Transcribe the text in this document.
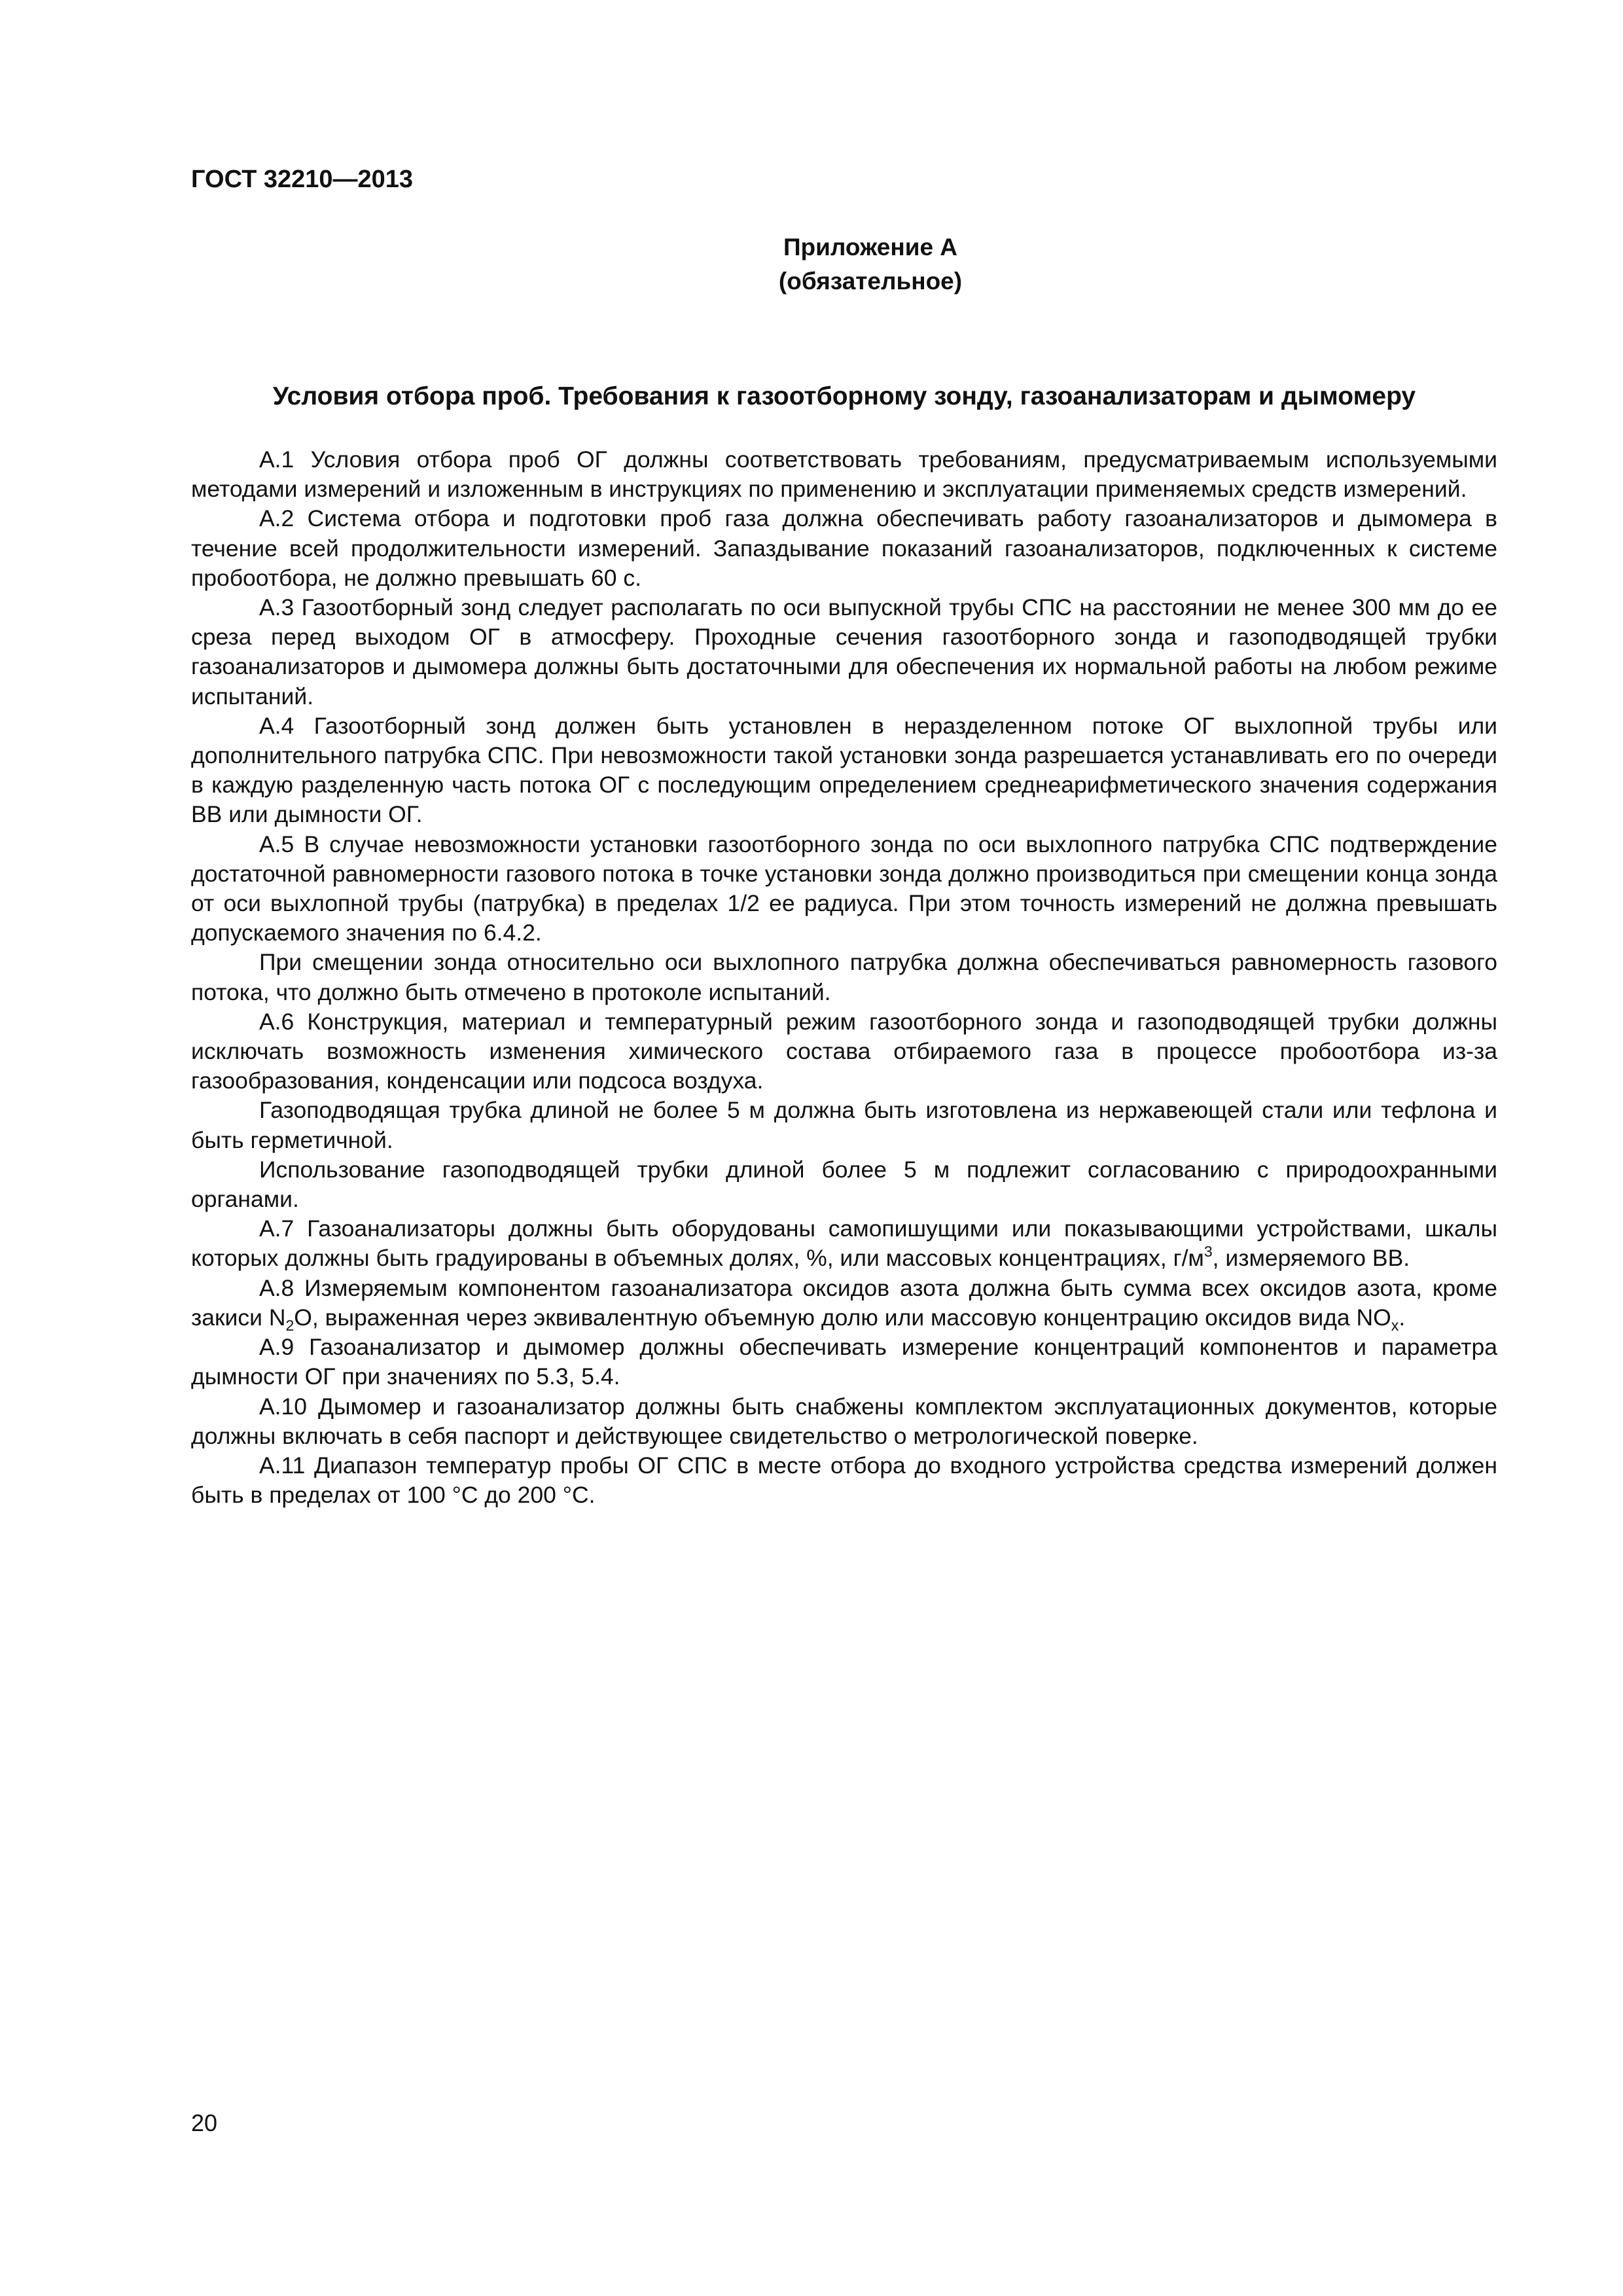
ГОСТ 32210—2013
Приложение А
(обязательное)
Условия отбора проб. Требования к газоотборному зонду, газоанализаторам и дымомеру

А.1 Условия отбора проб ОГ должны соответствовать требованиям, предусматриваемым используемыми методами измерений и изложенным в инструкциях по применению и эксплуатации применяемых средств измерений.

А.2 Система отбора и подготовки проб газа должна обеспечивать работу газоанализаторов и дымомера в течение всей продолжительности измерений. Запаздывание показаний газоанализаторов, подключенных к системе пробоотбора, не должно превышать 60 с.

А.3 Газоотборный зонд следует располагать по оси выпускной трубы СПС на расстоянии не менее 300 мм до ее среза перед выходом ОГ в атмосферу. Проходные сечения газоотборного зонда и газоподводящей трубки газоанализаторов и дымомера должны быть достаточными для обеспечения их нормальной работы на любом режиме испытаний.

А.4 Газоотборный зонд должен быть установлен в неразделенном потоке ОГ выхлопной трубы или дополнительного патрубка СПС. При невозможности такой установки зонда разрешается устанавливать его по очереди в каждую разделенную часть потока ОГ с последующим определением среднеарифметического значения содержания ВВ или дымности ОГ.

А.5 В случае невозможности установки газоотборного зонда по оси выхлопного патрубка СПС подтверждение достаточной равномерности газового потока в точке установки зонда должно производиться при смещении конца зонда от оси выхлопной трубы (патрубка) в пределах 1/2 ее радиуса. При этом точность измерений не должна превышать допускаемого значения по 6.4.2.

При смещении зонда относительно оси выхлопного патрубка должна обеспечиваться равномерность газового потока, что должно быть отмечено в протоколе испытаний.

А.6 Конструкция, материал и температурный режим газоотборного зонда и газоподводящей трубки должны исключать возможность изменения химического состава отбираемого газа в процессе пробоотбора из-за газообразования, конденсации или подсоса воздуха.

Газоподводящая трубка длиной не более 5 м должна быть изготовлена из нержавеющей стали или тефлона и быть герметичной.

Использование газоподводящей трубки длиной более 5 м подлежит согласованию с природоохранными органами.

А.7 Газоанализаторы должны быть оборудованы самопишущими или показывающими устройствами, шкалы которых должны быть градуированы в объемных долях, %, или массовых концентрациях, $г/м^3$, измеряемого ВВ.

А.8 Измеряемым компонентом газоанализатора оксидов азота должна быть сумма всех оксидов азота, кроме закиси $N_2O$, выраженная через эквивалентную объемную долю или массовую концентрацию оксидов вида $NO_x$.

А.9 Газоанализатор и дымомер должны обеспечивать измерение концентраций компонентов и параметра дымности ОГ при значениях по 5.3, 5.4.

А.10 Дымомер и газоанализатор должны быть снабжены комплектом эксплуатационных документов, которые должны включать в себя паспорт и действующее свидетельство о метрологической поверке.

А.11 Диапазон температур пробы ОГ СПС в месте отбора до входного устройства средства измерений должен быть в пределах от 100 °С до 200 °С.

20
